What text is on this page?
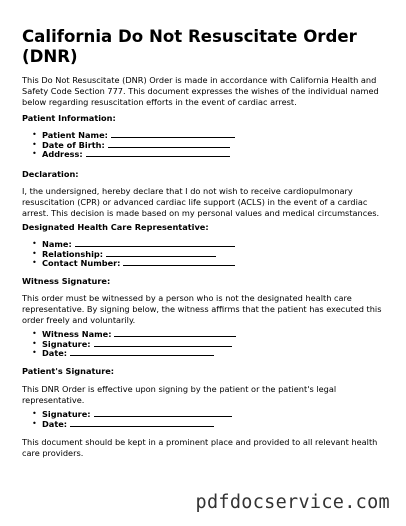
California Do Not Resuscitate Order (DNR)

This Do Not Resuscitate (DNR) Order is made in accordance with California Health and Safety Code Section 777. This document expresses the wishes of the individual named below regarding resuscitation efforts in the event of cardiac arrest.

Patient Information:

• Patient Name:
• Date of Birth:
• Address:

Declaration:

I, the undersigned, hereby declare that I do not wish to receive cardiopulmonary resuscitation (CPR) or advanced cardiac life support (ACLS) in the event of a cardiac arrest. This decision is made based on my personal values and medical circumstances.

Designated Health Care Representative:

• Name:
• Relationship:
• Contact Number:

Witness Signature:

This order must be witnessed by a person who is not the designated health care representative. By signing below, the witness affirms that the patient has executed this order freely and voluntarily.

• Witness Name:
• Signature:
• Date:

Patient's Signature:

This DNR Order is effective upon signing by the patient or the patient's legal representative.

• Signature:
• Date:

This document should be kept in a prominent place and provided to all relevant health care providers.

pdfdocservice.com
